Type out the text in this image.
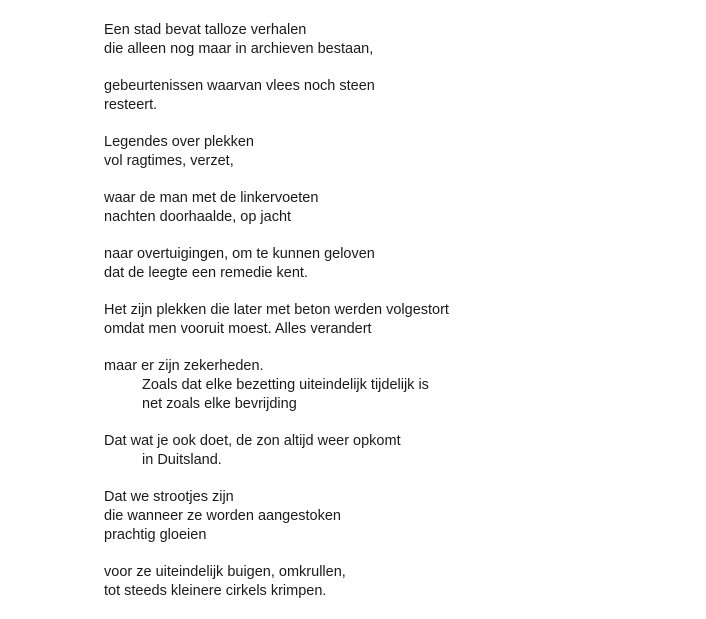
Een stad bevat talloze verhalen
die alleen nog maar in archieven bestaan,
gebeurtenissen waarvan vlees noch steen
resteert.
Legendes over plekken
vol ragtimes, verzet,
waar de man met de linkervoeten
nachten doorhaalde, op jacht
naar overtuigingen, om te kunnen geloven
dat de leegte een remedie kent.
Het zijn plekken die later met beton werden volgestort
omdat men vooruit moest. Alles verandert
maar er zijn zekerheden.
Zoals dat elke bezetting uiteindelijk tijdelijk is
net zoals elke bevrijding
Dat wat je ook doet, de zon altijd weer opkomt
in Duitsland.
Dat we strootjes zijn
die wanneer ze worden aangestoken
prachtig gloeien
voor ze uiteindelijk buigen, omkrullen,
tot steeds kleinere cirkels krimpen.
